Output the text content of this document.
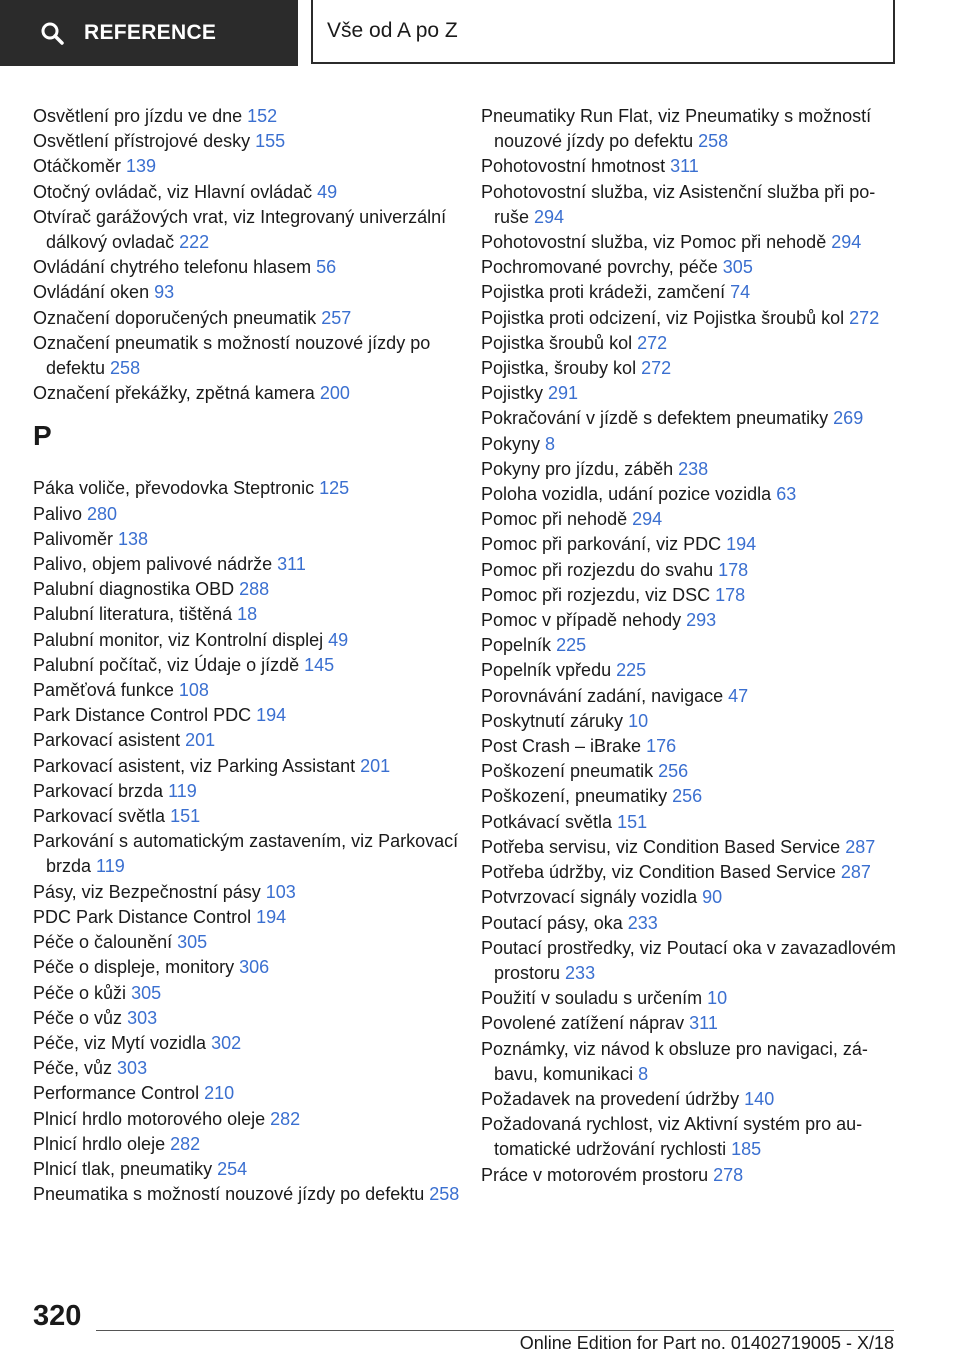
REFERENCE	Vše od A po Z

Osvětlení pro jízdu ve dne 152

Osvětlení přístrojové desky 155

Otáčkoměr 139

Otočný ovládač, viz Hlavní ovládač 49

Otvírač garážových vrat, viz Integrovaný univerzální dálkový ovladač 222

Ovládání chytrého telefonu hlasem 56

Ovládání oken 93

Označení doporučených pneumatik 257

Označení pneumatik s možností nouzové jízdy po defektu 258

Označení překážky, zpětná kamera 200

P

Páka voliče, převodovka Steptronic 125

Palivo 280

Palivoměr 138

Palivo, objem palivové nádrže 311

Palubní diagnostika OBD 288

Palubní literatura, tištěná 18

Palubní monitor, viz Kontrolní displej 49

Palubní počítač, viz Údaje o jízdě 145

Paměťová funkce 108

Park Distance Control PDC 194

Parkovací asistent 201

Parkovací asistent, viz Parking Assistant 201

Parkovací brzda 119

Parkovací světla 151

Parkování s automatickým zastavením, viz Parkovací brzda 119

Pásy, viz Bezpečnostní pásy 103

PDC Park Distance Control 194

Péče o čalounění 305

Péče o displeje, monitory 306

Péče o kůži 305

Péče o vůz 303

Péče, viz Mytí vozidla 302

Péče, vůz 303

Performance Control 210

Plnicí hrdlo motorového oleje 282

Plnicí hrdlo oleje 282

Plnicí tlak, pneumatiky 254

Pneumatika s možností nouzové jízdy po defektu 258

Pneumatiky Run Flat, viz Pneumatiky s možností nouzové jízdy po defektu 258

Pohotovostní hmotnost 311

Pohotovostní služba, viz Asistenční služba při poruše 294

Pohotovostní služba, viz Pomoc při nehodě 294

Pochromované povrchy, péče 305

Pojistka proti krádeži, zamčení 74

Pojistka proti odcizení, viz Pojistka šroubů kol 272

Pojistka šroubů kol 272

Pojistka, šrouby kol 272

Pojistky 291

Pokračování v jízdě s defektem pneumatiky 269

Pokyny 8

Pokyny pro jízdu, záběh 238

Poloha vozidla, udání pozice vozidla 63

Pomoc při nehodě 294

Pomoc při parkování, viz PDC 194

Pomoc při rozjezdu do svahu 178

Pomoc při rozjezdu, viz DSC 178

Pomoc v případě nehody 293

Popelník 225

Popelník vpředu 225

Porovnávání zadání, navigace 47

Poskytnutí záruky 10

Post Crash – iBrake 176

Poškození pneumatik 256

Poškození, pneumatiky 256

Potkávací světla 151

Potřeba servisu, viz Condition Based Service 287

Potřeba údržby, viz Condition Based Service 287

Potvrzovací signály vozidla 90

Poutací pásy, oka 233

Poutací prostředky, viz Poutací oka v zavazadlovém prostoru 233

Použití v souladu s určením 10

Povolené zatížení náprav 311

Poznámky, viz návod k obsluze pro navigaci, zábavu, komunikaci 8

Požadavek na provedení údržby 140

Požadovaná rychlost, viz Aktivní systém pro automatické udržování rychlosti 185

Práce v motorovém prostoru 278

320
Online Edition for Part no. 01402719005 - X/18
